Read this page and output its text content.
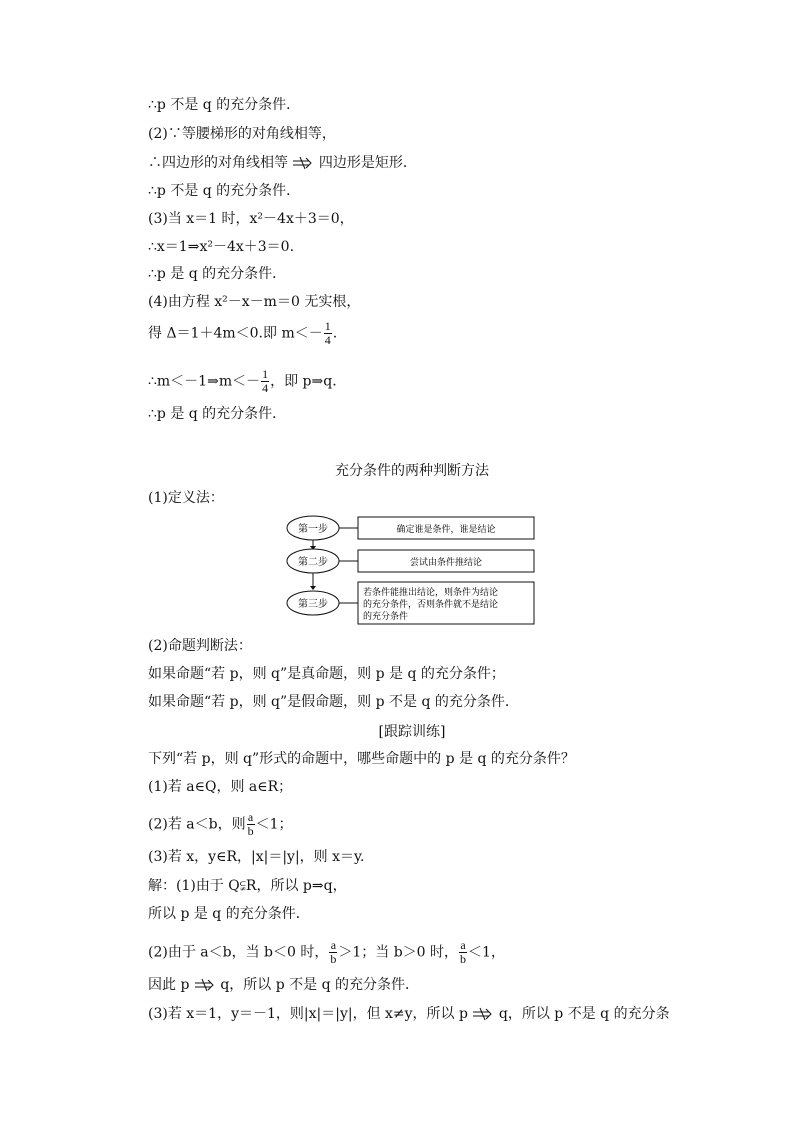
∴p 不是 q 的充分条件．
(2)∵等腰梯形的对角线相等，
∴四边形的对角线相等 四边形是矩形．
∴p 不是 q 的充分条件．
(3)当 x＝1 时，x²－4x＋3＝0，
∴x＝1⇒x²－4x＋3＝0.
∴p 是 q 的充分条件．
(4)由方程 x²－x－m＝0 无实根，
得 Δ＝1＋4m＜0.即 $m<- \frac{1}{4}$ .
∴m＜－1⇒m＜－ $\frac{1}{4}$ ，即 p⇒q.
∴p 是 q 的充分条件．
充分条件的两种判断方法
(1)定义法：
第一步	确定谁是条件，谁是结论
第二步	尝试由条件推结论
第三步
若条件能推出结论，则条件为结论
的充分条件，否则条件就不是结论
的充分条件
(2)命题判断法：
如果命题“若 p，则 q”是真命题，则 p 是 q 的充分条件；
如果命题“若 p，则 q”是假命题，则 p 不是 q 的充分条件．
[跟踪训练]
下列“若 p，则 q”形式的命题中，哪些命题中的 p 是 q 的充分条件？
(1)若 a∈Q，则 a∈R；
(2)若 a＜b，则 $\frac{a}{b} <1$；
(3)若 x，y∈R，|x|＝|y|，则 x＝y.
解：(1)由于 Q⫋R，所以 p⇒q，
所以 p 是 q 的充分条件．
(2)由于 a＜b，当 b＜0 时， $\frac{a}{b} >1$；当 b＞0 时， $\frac{a}{b} <1$，
因此 p q，所以 p 不是 q 的充分条件．
(3)若 x＝1，y＝－1，则|x|＝|y|，但 x≠y，所以 p q，所以 p 不是 q 的充分条
